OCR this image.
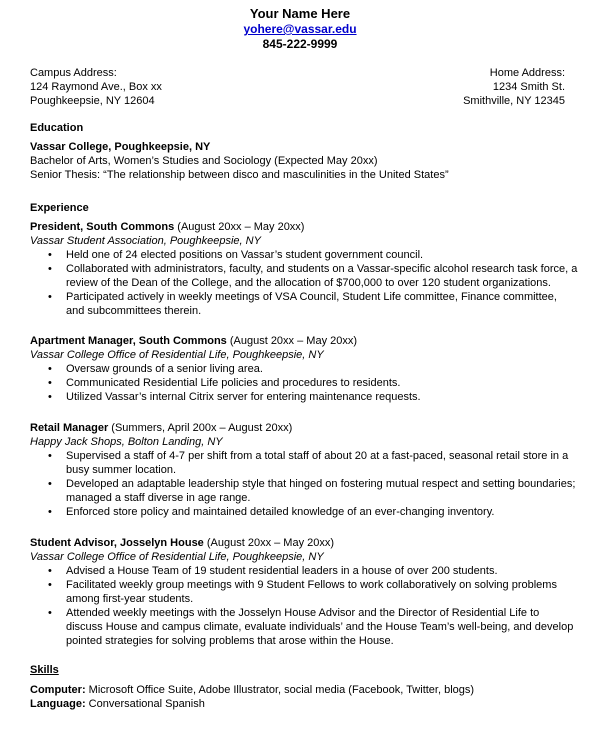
Your Name Here
yohere@vassar.edu
845-222-9999
Campus Address:
124 Raymond Ave., Box xx
Poughkeepsie, NY 12604
Home Address:
1234 Smith St.
Smithville, NY 12345
Education
Vassar College, Poughkeepsie, NY
Bachelor of Arts, Women’s Studies and Sociology (Expected May 20xx)
Senior Thesis: “The relationship between disco and masculinities in the United States”
Experience
President, South Commons (August 20xx – May 20xx)
Vassar Student Association, Poughkeepsie, NY
• Held one of 24 elected positions on Vassar’s student government council.
• Collaborated with administrators, faculty, and students on a Vassar-specific alcohol research task force, a review of the Dean of the College, and the allocation of $700,000 to over 120 student organizations.
• Participated actively in weekly meetings of VSA Council, Student Life committee, Finance committee, and subcommittees therein.
Apartment Manager, South Commons (August 20xx – May 20xx)
Vassar College Office of Residential Life, Poughkeepsie, NY
• Oversaw grounds of a senior living area.
• Communicated Residential Life policies and procedures to residents.
• Utilized Vassar’s internal Citrix server for entering maintenance requests.
Retail Manager (Summers, April 200x – August 20xx)
Happy Jack Shops, Bolton Landing, NY
• Supervised a staff of 4-7 per shift from a total staff of about 20 at a fast-paced, seasonal retail store in a busy summer location.
• Developed an adaptable leadership style that hinged on fostering mutual respect and setting boundaries; managed a staff diverse in age range.
• Enforced store policy and maintained detailed knowledge of an ever-changing inventory.
Student Advisor, Josselyn House (August 20xx – May 20xx)
Vassar College Office of Residential Life, Poughkeepsie, NY
• Advised a House Team of 19 student residential leaders in a house of over 200 students.
• Facilitated weekly group meetings with 9 Student Fellows to work collaboratively on solving problems among first-year students.
• Attended weekly meetings with the Josselyn House Advisor and the Director of Residential Life to discuss House and campus climate, evaluate individuals’ and the House Team’s well-being, and develop pointed strategies for solving problems that arose within the House.
Skills
Computer: Microsoft Office Suite, Adobe Illustrator, social media (Facebook, Twitter, blogs)
Language: Conversational Spanish
